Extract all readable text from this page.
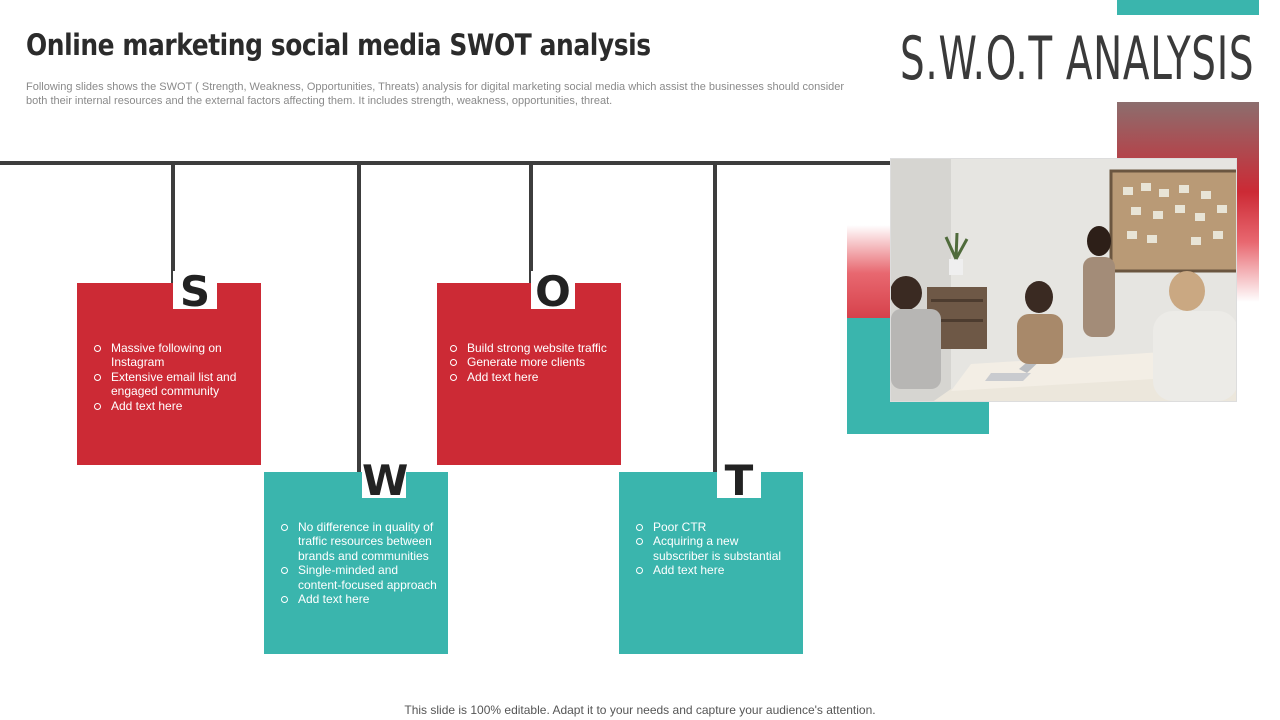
Online marketing social media SWOT analysis
Following slides shows the SWOT ( Strength, Weakness, Opportunities, Threats) analysis for digital marketing social media which assist the businesses should consider both their internal resources and the external factors affecting them. It includes strength, weakness, opportunities, threat.
S.W.O.T ANALYSIS
S
Massive following on Instagram
Extensive email list and engaged community
Add text here
O
Build strong website traffic
Generate more clients
Add text here
W
No difference in quality of traffic resources between brands and communities
Single-minded and content-focused approach
Add text here
T
Poor CTR
Acquiring a new subscriber is substantial
Add text here
This slide is 100% editable. Adapt it to your needs and capture your audience's attention.
